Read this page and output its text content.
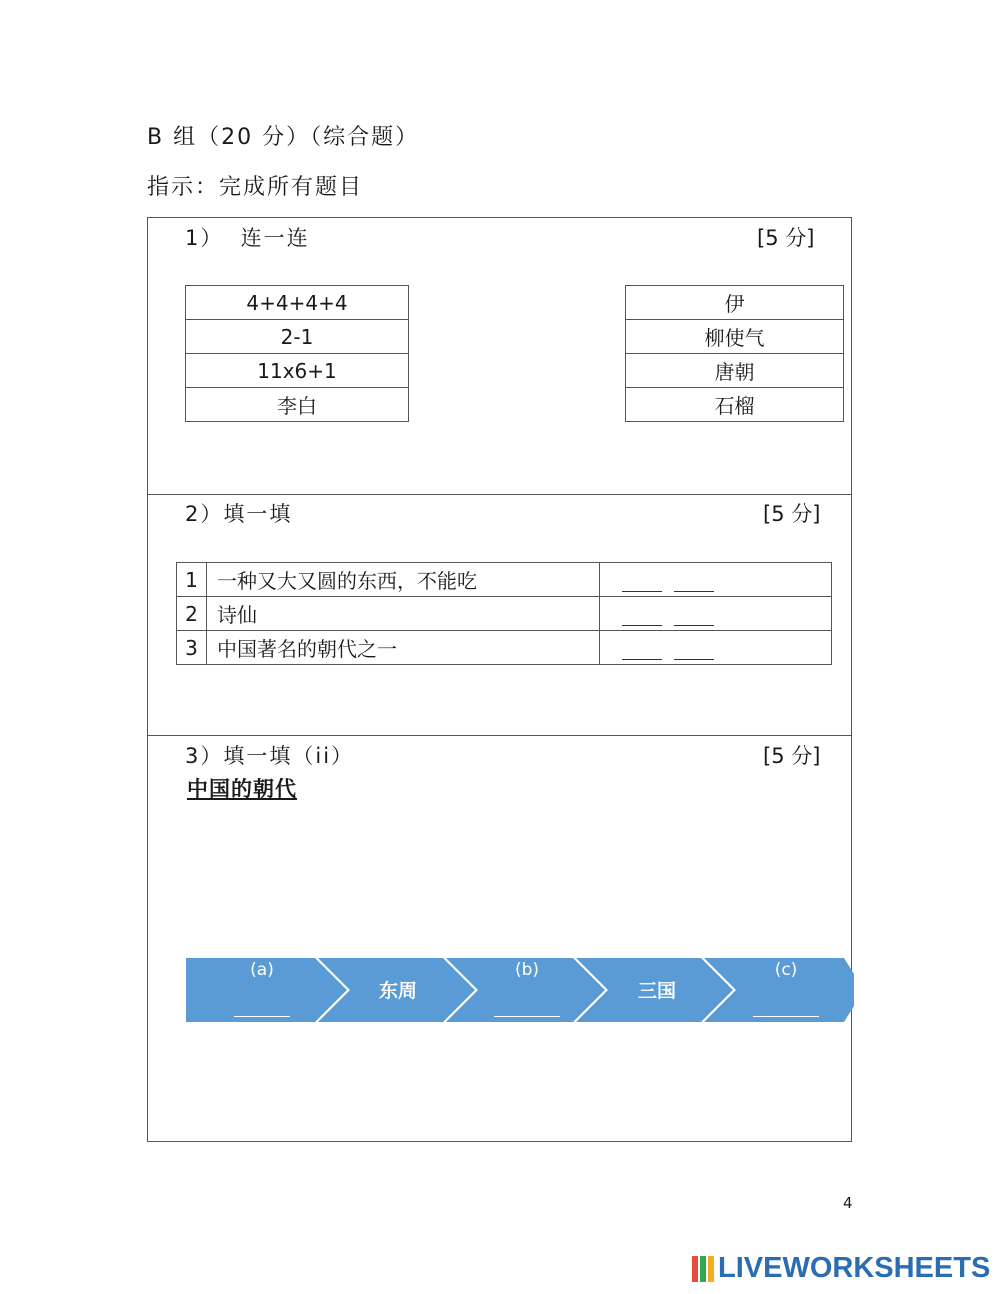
B 组（20 分）（综合题）
指示：完成所有题目
1）  连一连	[5 分]
4+4+4+4
2-1
11x6+1
李白
伊
柳使气
唐朝
石榴
2）填一填	[5 分]
1	一种又大又圆的东西，不能吃	
2	诗仙	
3	中国著名的朝代之一	
3）填一填（ii）	[5 分]
中国的朝代
(a)
东周
(b)
三国
(c)
4
LIVEWORKSHEETS
